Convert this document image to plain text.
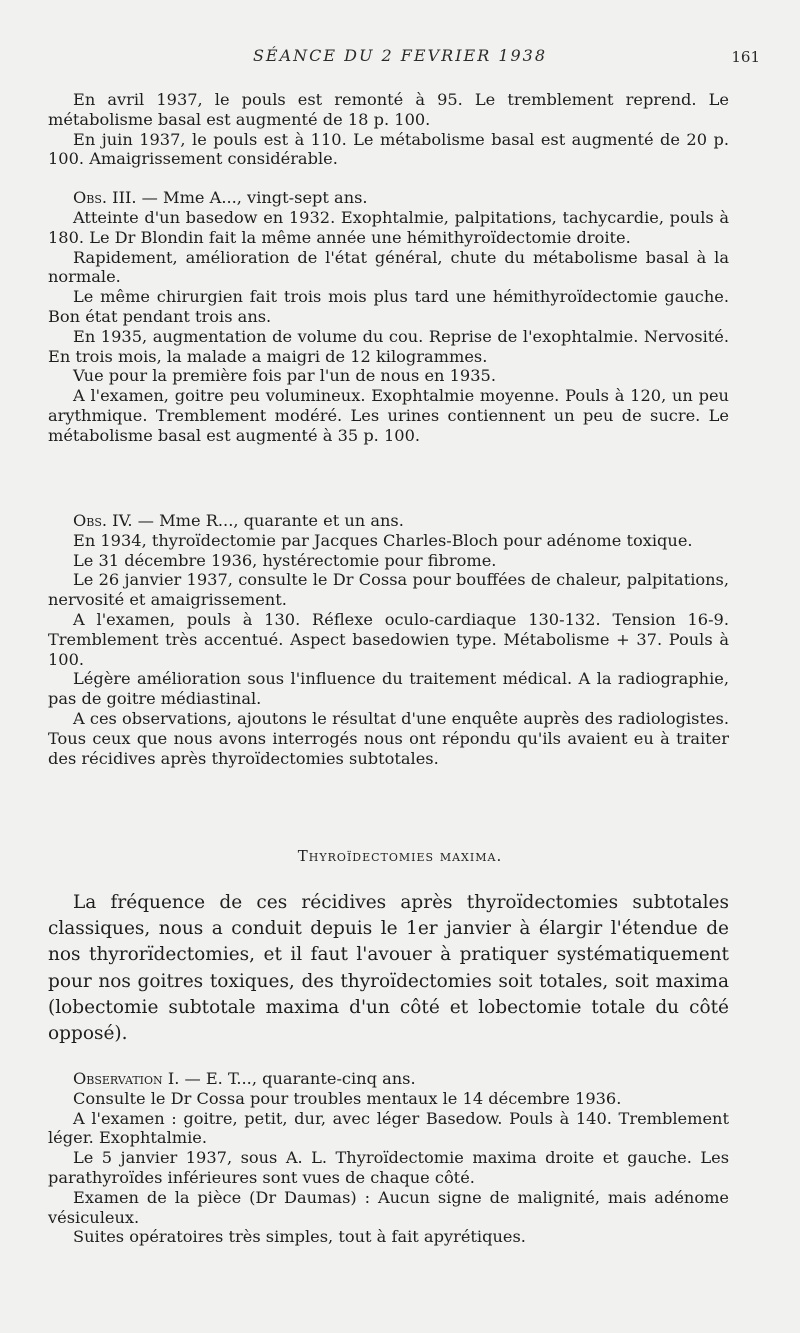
SÉANCE DU 2 FEVRIER 1938	161

En avril 1937, le pouls est remonté à 95. Le tremblement reprend. Le métabolisme basal est augmenté de 18 p. 100.

En juin 1937, le pouls est à 110. Le métabolisme basal est augmenté de 20 p. 100. Amaigrissement considérable.

Obs. III. — Mme A..., vingt-sept ans.

Atteinte d'un basedow en 1932. Exophtalmie, palpitations, tachycardie, pouls à 180. Le Dr Blondin fait la même année une hémithyroïdectomie droite.

Rapidement, amélioration de l'état général, chute du métabolisme basal à la normale.

Le même chirurgien fait trois mois plus tard une hémithyroïdectomie gauche. Bon état pendant trois ans.

En 1935, augmentation de volume du cou. Reprise de l'exophtalmie. Nervosité. En trois mois, la malade a maigri de 12 kilogrammes.

Vue pour la première fois par l'un de nous en 1935.

A l'examen, goitre peu volumineux. Exophtalmie moyenne. Pouls à 120, un peu arythmique. Tremblement modéré. Les urines contiennent un peu de sucre. Le métabolisme basal est augmenté à 35 p. 100.

Obs. IV. — Mme R..., quarante et un ans.

En 1934, thyroïdectomie par Jacques Charles-Bloch pour adénome toxique.

Le 31 décembre 1936, hystérectomie pour fibrome.

Le 26 janvier 1937, consulte le Dr Cossa pour bouffées de chaleur, palpitations, nervosité et amaigrissement.

A l'examen, pouls à 130. Réflexe oculo-cardiaque 130-132. Tension 16-9. Tremblement très accentué. Aspect basedowien type. Métabolisme + 37. Pouls à 100.

Légère amélioration sous l'influence du traitement médical. A la radiographie, pas de goitre médiastinal.

A ces observations, ajoutons le résultat d'une enquête auprès des radiologistes. Tous ceux que nous avons interrogés nous ont répondu qu'ils avaient eu à traiter des récidives après thyroïdectomies subtotales.

Thyroïdectomies maxima.

La fréquence de ces récidives après thyroïdectomies subtotales classiques, nous a conduit depuis le 1er janvier à élargir l'étendue de nos thyrorïdectomies, et il faut l'avouer à pratiquer systématiquement pour nos goitres toxiques, des thyroïdectomies soit totales, soit maxima (lobectomie subtotale maxima d'un côté et lobectomie totale du côté opposé).

Observation I. — E. T..., quarante-cinq ans.

Consulte le Dr Cossa pour troubles mentaux le 14 décembre 1936.

A l'examen : goitre, petit, dur, avec léger Basedow. Pouls à 140. Tremblement léger. Exophtalmie.

Le 5 janvier 1937, sous A. L. Thyroïdectomie maxima droite et gauche. Les parathyroïdes inférieures sont vues de chaque côté.

Examen de la pièce (Dr Daumas) : Aucun signe de malignité, mais adénome vésiculeux.

Suites opératoires très simples, tout à fait apyrétiques.
